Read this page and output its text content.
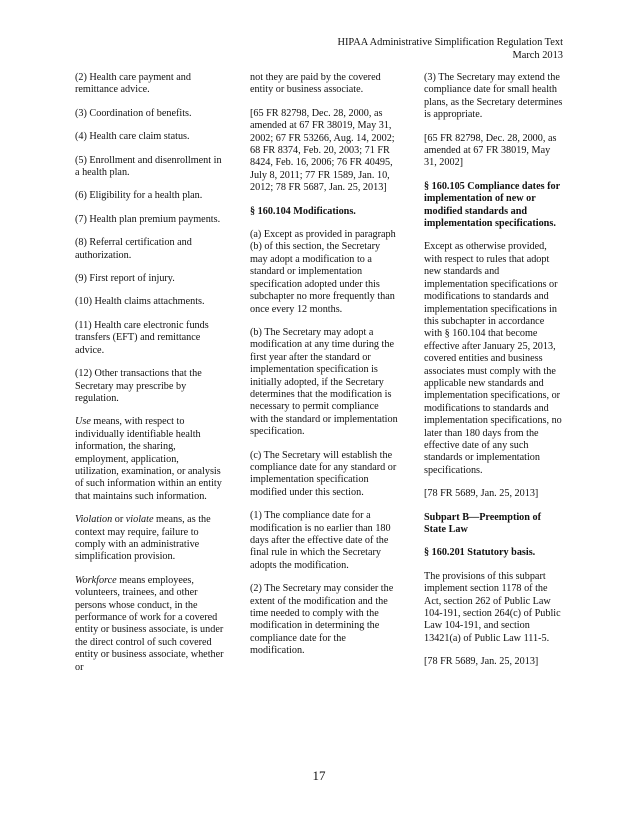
HIPAA Administrative Simplification Regulation Text
March 2013

(2) Health care payment and remittance advice.

(3) Coordination of benefits.

(4) Health care claim status.

(5) Enrollment and disenrollment in a health plan.

(6) Eligibility for a health plan.

(7) Health plan premium payments.

(8) Referral certification and authorization.

(9) First report of injury.

(10) Health claims attachments.

(11) Health care electronic funds transfers (EFT) and remittance advice.

(12) Other transactions that the Secretary may prescribe by regulation.

Use means, with respect to individually identifiable health information, the sharing, employment, application, utilization, examination, or analysis of such information within an entity that maintains such information.

Violation or violate means, as the context may require, failure to comply with an administrative simplification provision.

Workforce means employees, volunteers, trainees, and other persons whose conduct, in the performance of work for a covered entity or business associate, is under the direct control of such covered entity or business associate, whether or

not they are paid by the covered entity or business associate.

[65 FR 82798, Dec. 28, 2000, as amended at 67 FR 38019, May 31, 2002; 67 FR 53266, Aug. 14, 2002; 68 FR 8374, Feb. 20, 2003; 71 FR 8424, Feb. 16, 2006; 76 FR 40495, July 8, 2011; 77 FR 1589, Jan. 10, 2012; 78 FR 5687, Jan. 25, 2013]

§ 160.104 Modifications.

(a) Except as provided in paragraph (b) of this section, the Secretary may adopt a modification to a standard or implementation specification adopted under this subchapter no more frequently than once every 12 months.

(b) The Secretary may adopt a modification at any time during the first year after the standard or implementation specification is initially adopted, if the Secretary determines that the modification is necessary to permit compliance with the standard or implementation specification.

(c) The Secretary will establish the compliance date for any standard or implementation specification modified under this section.

(1) The compliance date for a modification is no earlier than 180 days after the effective date of the final rule in which the Secretary adopts the modification.

(2) The Secretary may consider the extent of the modification and the time needed to comply with the modification in determining the compliance date for the modification.

(3) The Secretary may extend the compliance date for small health plans, as the Secretary determines is appropriate.

[65 FR 82798, Dec. 28, 2000, as amended at 67 FR 38019, May 31, 2002]

§ 160.105 Compliance dates for implementation of new or modified standards and implementation specifications.

Except as otherwise provided, with respect to rules that adopt new standards and implementation specifications or modifications to standards and implementation specifications in this subchapter in accordance with § 160.104 that become effective after January 25, 2013, covered entities and business associates must comply with the applicable new standards and implementation specifications, or modifications to standards and implementation specifications, no later than 180 days from the effective date of any such standards or implementation specifications.

[78 FR 5689, Jan. 25, 2013]

Subpart B—Preemption of State Law

§ 160.201 Statutory basis.

The provisions of this subpart implement section 1178 of the Act, section 262 of Public Law 104-191, section 264(c) of Public Law 104-191, and section 13421(a) of Public Law 111-5.

[78 FR 5689, Jan. 25, 2013]

17
